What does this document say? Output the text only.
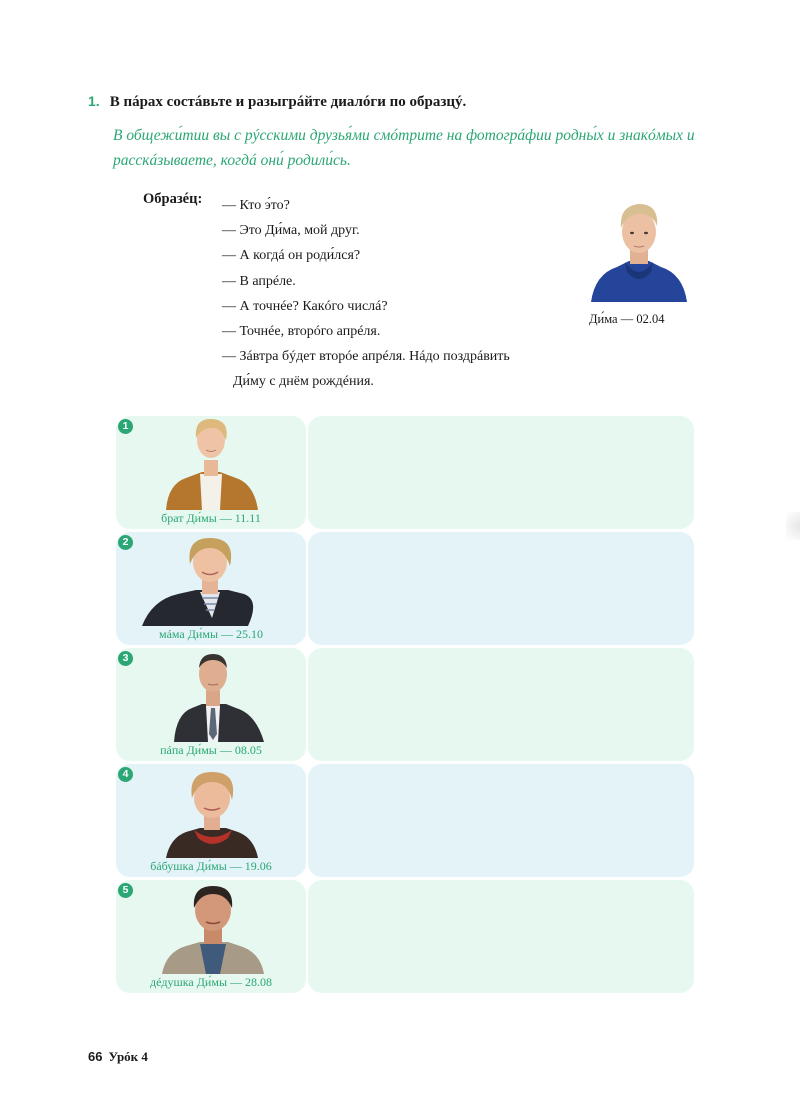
1. В пáрах состáвьте и разыгрáйте диалóги по образцý.
В общежи́тии вы с рýсскими друзья́ми смóтрите на фотогрáфии родны́х и знакóмых и расскáзываете, когдá они́ родили́сь.
Образéц: — Кто э́то?
— Это Ди́ма, мой друг.
— А когдá он роди́лся?
— В апрéле.
— А точнéе? Какóго числá?
— Точнéе, вторóго апрéля.
— Зáвтра бýдет вторóе апрéля. Нáдо поздрáвить
Ди́му с днём рождéния.
Ди́ма — 02.04
1
брат Ди́мы — 11.11
2
мáма Ди́мы — 25.10
3
пáпа Ди́мы — 08.05
4
бáбушка Ди́мы — 19.06
5
дéдушка Ди́мы — 28.08
66 Урóк 4
